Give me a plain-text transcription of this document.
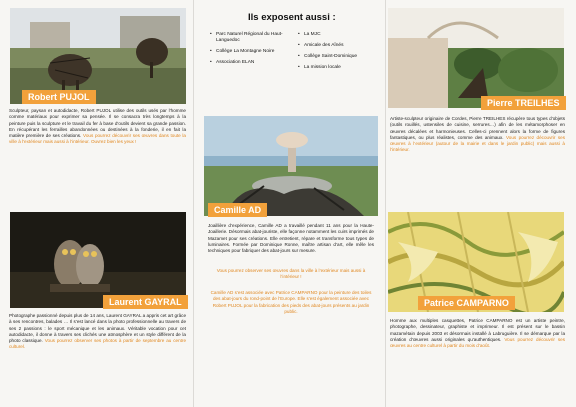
Robert PUJOL
Sculpteur, paysan et autodidacte, Robert PUJOL utilise des outils usés par l’homme comme matériaux pour exprimer sa pensée. Il se consacra très longtemps à la peinture puis la sculpture et le travail du fer à base d’outils devient sa grande passion. En récupérant les ferrailles abandonnées ou destinées à la fonderie, il en fait la matière première de ses créations. Vous pourrez découvrir ses œuvres dans toute la ville à l’extérieur mais aussi à l’intérieur. Ouvrez bien les yeux !
Laurent GAYRAL
Photographe passionné depuis plus de 14 ans, Laurent GAYRAL a appris cet art grâce à ses rencontres, balades … Il s’est lancé dans la photo professionnelle au travers de ses 2 passions : le sport mécanique et les animaux. Véritable vocation pour cet autodidacte, il donne à travers ses clichés une atmosphère et un style différent de la photo classique. Vous pourrez observer ses photos à partir de septembre au centre culturel.
Ils exposent aussi :
• Parc Naturel Régional du Haut-Languedoc
• Collège La Montagne Noire
• Association ELAN
• La MJC
• Amicale des Aînés
• Collège Saint-Dominique
• La mission locale
Camille AD
Joaillière d’expérience, Camille AD a travaillé pendant 11 ans pour la Haute-Joaillerie. Désormais abat-jouriste, elle façonne notamment les cuirs imprimés de Mazamet pour ses créations. Elle entretient, répare et transforme tous types de luminaires. Formée par Dominique Ronne, maître artisan d’art, elle mêle les techniques pour fabriquer des abat-jours sur mesure.
Vous pourrez observer ses œuvres dans la ville à l’extérieur mais aussi à l’intérieur !
Camille AD s’est associée avec Patrice CAMPARNO pour la peinture des toiles des abat-jours du rond-point de l’Europe. Elle s’est également associée avec Robert PUJOL pour la fabrication des pieds des abat-jours présents au jardin public.
Pierre TREILHES
Artiste-sculpteur originaire de Cordes, Pierre TREILHES récupère tous types d’objets (outils rouillés, ustensiles de cuisine, serrures…) afin de les métamorphoser en œuvres décalées et harmonieuses. Celles-ci prennent alors la forme de figures fantastiques, ou plus réalistes, comme des animaux. Vous pourrez découvrir ses œuvres à l’extérieur (autour de la mairie et dans le jardin public) mais aussi à l’intérieur.
Patrice CAMPARNO
Homme aux multiples casquettes, Patrice CAMPARNO est un artiste peintre, photographe, dessinateur, graphiste et imprimeur. Il est présent sur le bassin mazamétain depuis 2003 et désormais installé à Labruguière. Il se démarque par la création d’œuvres aussi originales qu’authentiques. Vous pourrez découvrir ses œuvres au centre culturel à partir du mois d’août.
